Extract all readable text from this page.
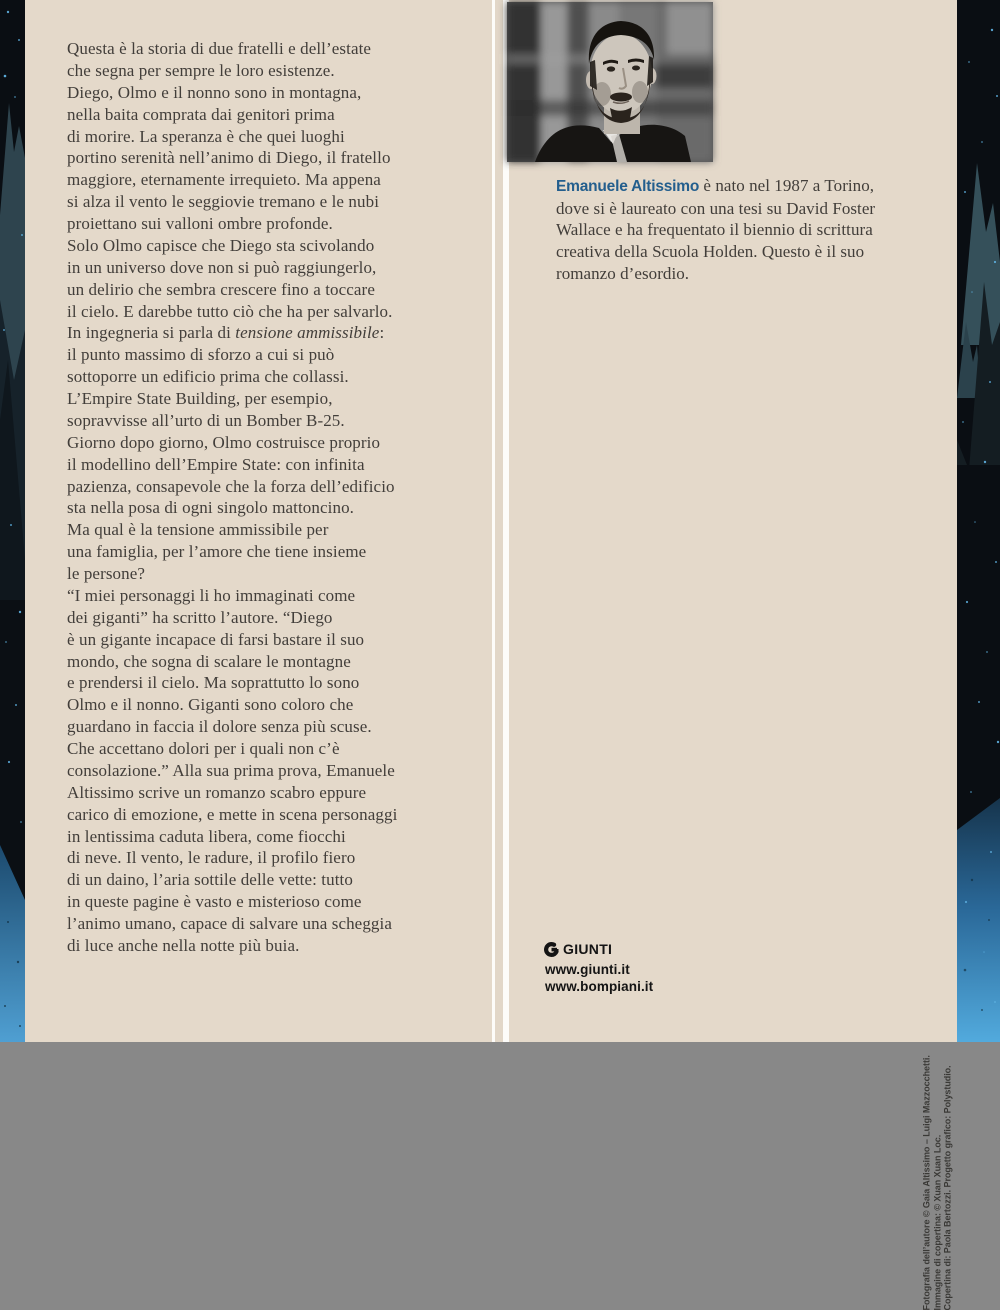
Questa è la storia di due fratelli e dell’estate
che segna per sempre le loro esistenze.
Diego, Olmo e il nonno sono in montagna,
nella baita comprata dai genitori prima
di morire. La speranza è che quei luoghi
portino serenità nell’animo di Diego, il fratello
maggiore, eternamente irrequieto. Ma appena
si alza il vento le seggiovie tremano e le nubi
proiettano sui valloni ombre profonde.
Solo Olmo capisce che Diego sta scivolando
in un universo dove non si può raggiungerlo,
un delirio che sembra crescere fino a toccare
il cielo. E darebbe tutto ciò che ha per salvarlo.
In ingegneria si parla di tensione ammissibile:
il punto massimo di sforzo a cui si può
sottoporre un edificio prima che collassi.
L’Empire State Building, per esempio,
sopravvisse all’urto di un Bomber B-25.
Giorno dopo giorno, Olmo costruisce proprio
il modellino dell’Empire State: con infinita
pazienza, consapevole che la forza dell’edificio
sta nella posa di ogni singolo mattoncino.
Ma qual è la tensione ammissibile per
una famiglia, per l’amore che tiene insieme
le persone?
“I miei personaggi li ho immaginati come
dei giganti” ha scritto l’autore. “Diego
è un gigante incapace di farsi bastare il suo
mondo, che sogna di scalare le montagne
e prendersi il cielo. Ma soprattutto lo sono
Olmo e il nonno. Giganti sono coloro che
guardano in faccia il dolore senza più scuse.
Che accettano dolori per i quali non c’è
consolazione.” Alla sua prima prova, Emanuele
Altissimo scrive un romanzo scabro eppure
carico di emozione, e mette in scena personaggi
in lentissima caduta libera, come fiocchi
di neve. Il vento, le radure, il profilo fiero
di un daino, l’aria sottile delle vette: tutto
in queste pagine è vasto e misterioso come
l’animo umano, capace di salvare una scheggia
di luce anche nella notte più buia.
Emanuele Altissimo è nato nel 1987 a Torino,
dove si è laureato con una tesi su David Foster
Wallace e ha frequentato il biennio di scrittura
creativa della Scuola Holden. Questo è il suo
romanzo d’esordio.
GIUNTI
www.giunti.it
www.bompiani.it
Fotografia dell’autore © Gaia Altissimo – Luigi Mazzocchetti. Immagine di copertina: © Xuan Xuan Loc. Copertina di: Paola Bertozzi. Progetto grafico: Polystudio.
